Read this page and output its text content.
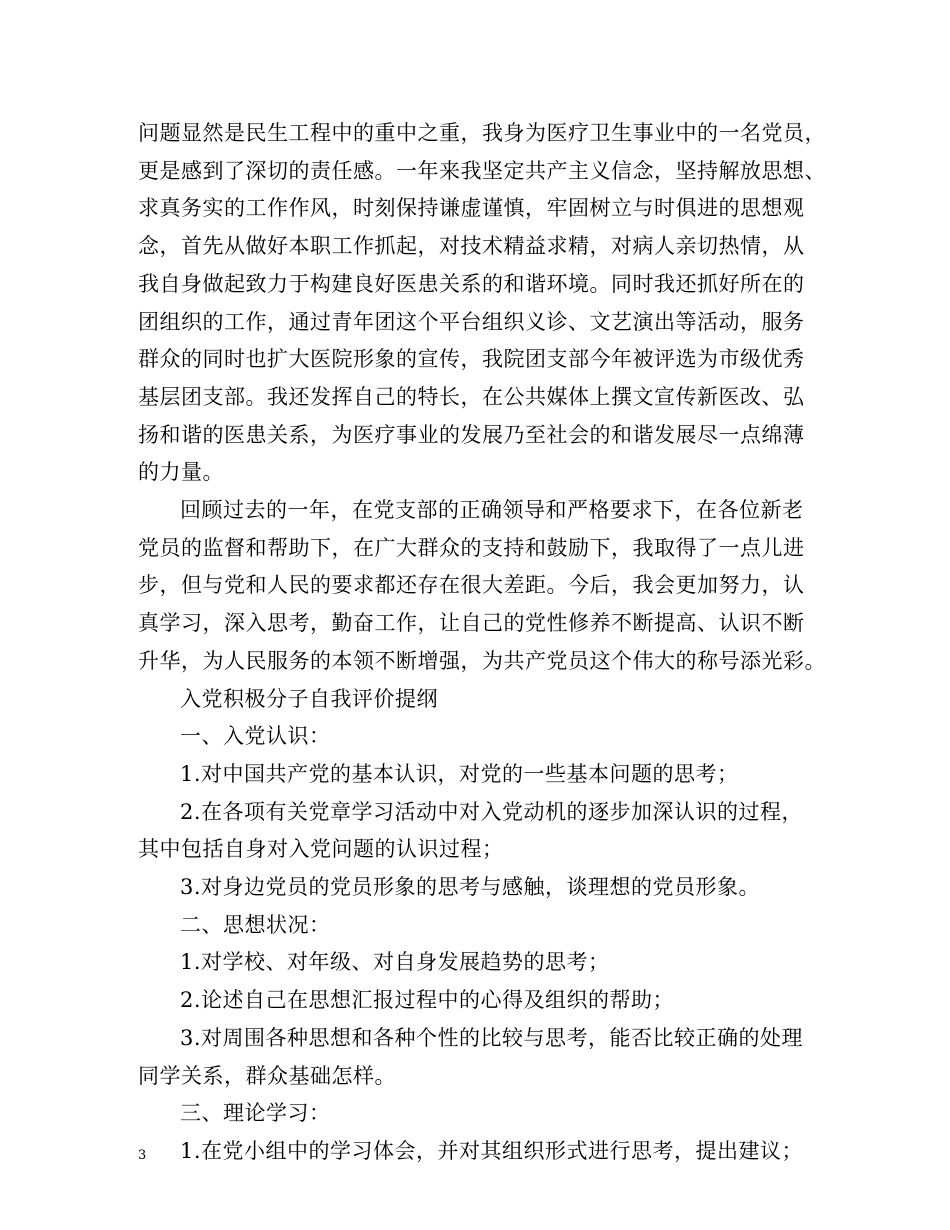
问题显然是民生工程中的重中之重，我身为医疗卫生事业中的一名党员，
更是感到了深切的责任感。一年来我坚定共产主义信念，坚持解放思想、
求真务实的工作作风，时刻保持谦虚谨慎，牢固树立与时俱进的思想观
念，首先从做好本职工作抓起，对技术精益求精，对病人亲切热情，从
我自身做起致力于构建良好医患关系的和谐环境。同时我还抓好所在的
团组织的工作，通过青年团这个平台组织义诊、文艺演出等活动，服务
群众的同时也扩大医院形象的宣传，我院团支部今年被评选为市级优秀
基层团支部。我还发挥自己的特长，在公共媒体上撰文宣传新医改、弘
扬和谐的医患关系，为医疗事业的发展乃至社会的和谐发展尽一点绵薄
的力量。
回顾过去的一年，在党支部的正确领导和严格要求下，在各位新老
党员的监督和帮助下，在广大群众的支持和鼓励下，我取得了一点儿进
步，但与党和人民的要求都还存在很大差距。今后，我会更加努力，认
真学习，深入思考，勤奋工作，让自己的党性修养不断提高、认识不断
升华，为人民服务的本领不断增强，为共产党员这个伟大的称号添光彩。
入党积极分子自我评价提纲
一、入党认识：
1.对中国共产党的基本认识，对党的一些基本问题的思考；
2.在各项有关党章学习活动中对入党动机的逐步加深认识的过程，
其中包括自身对入党问题的认识过程；
3.对身边党员的党员形象的思考与感触，谈理想的党员形象。
二、思想状况：
1.对学校、对年级、对自身发展趋势的思考；
2.论述自己在思想汇报过程中的心得及组织的帮助；
3.对周围各种思想和各种个性的比较与思考，能否比较正确的处理
同学关系，群众基础怎样。
三、理论学习：
1.在党小组中的学习体会，并对其组织形式进行思考，提出建议；

3
